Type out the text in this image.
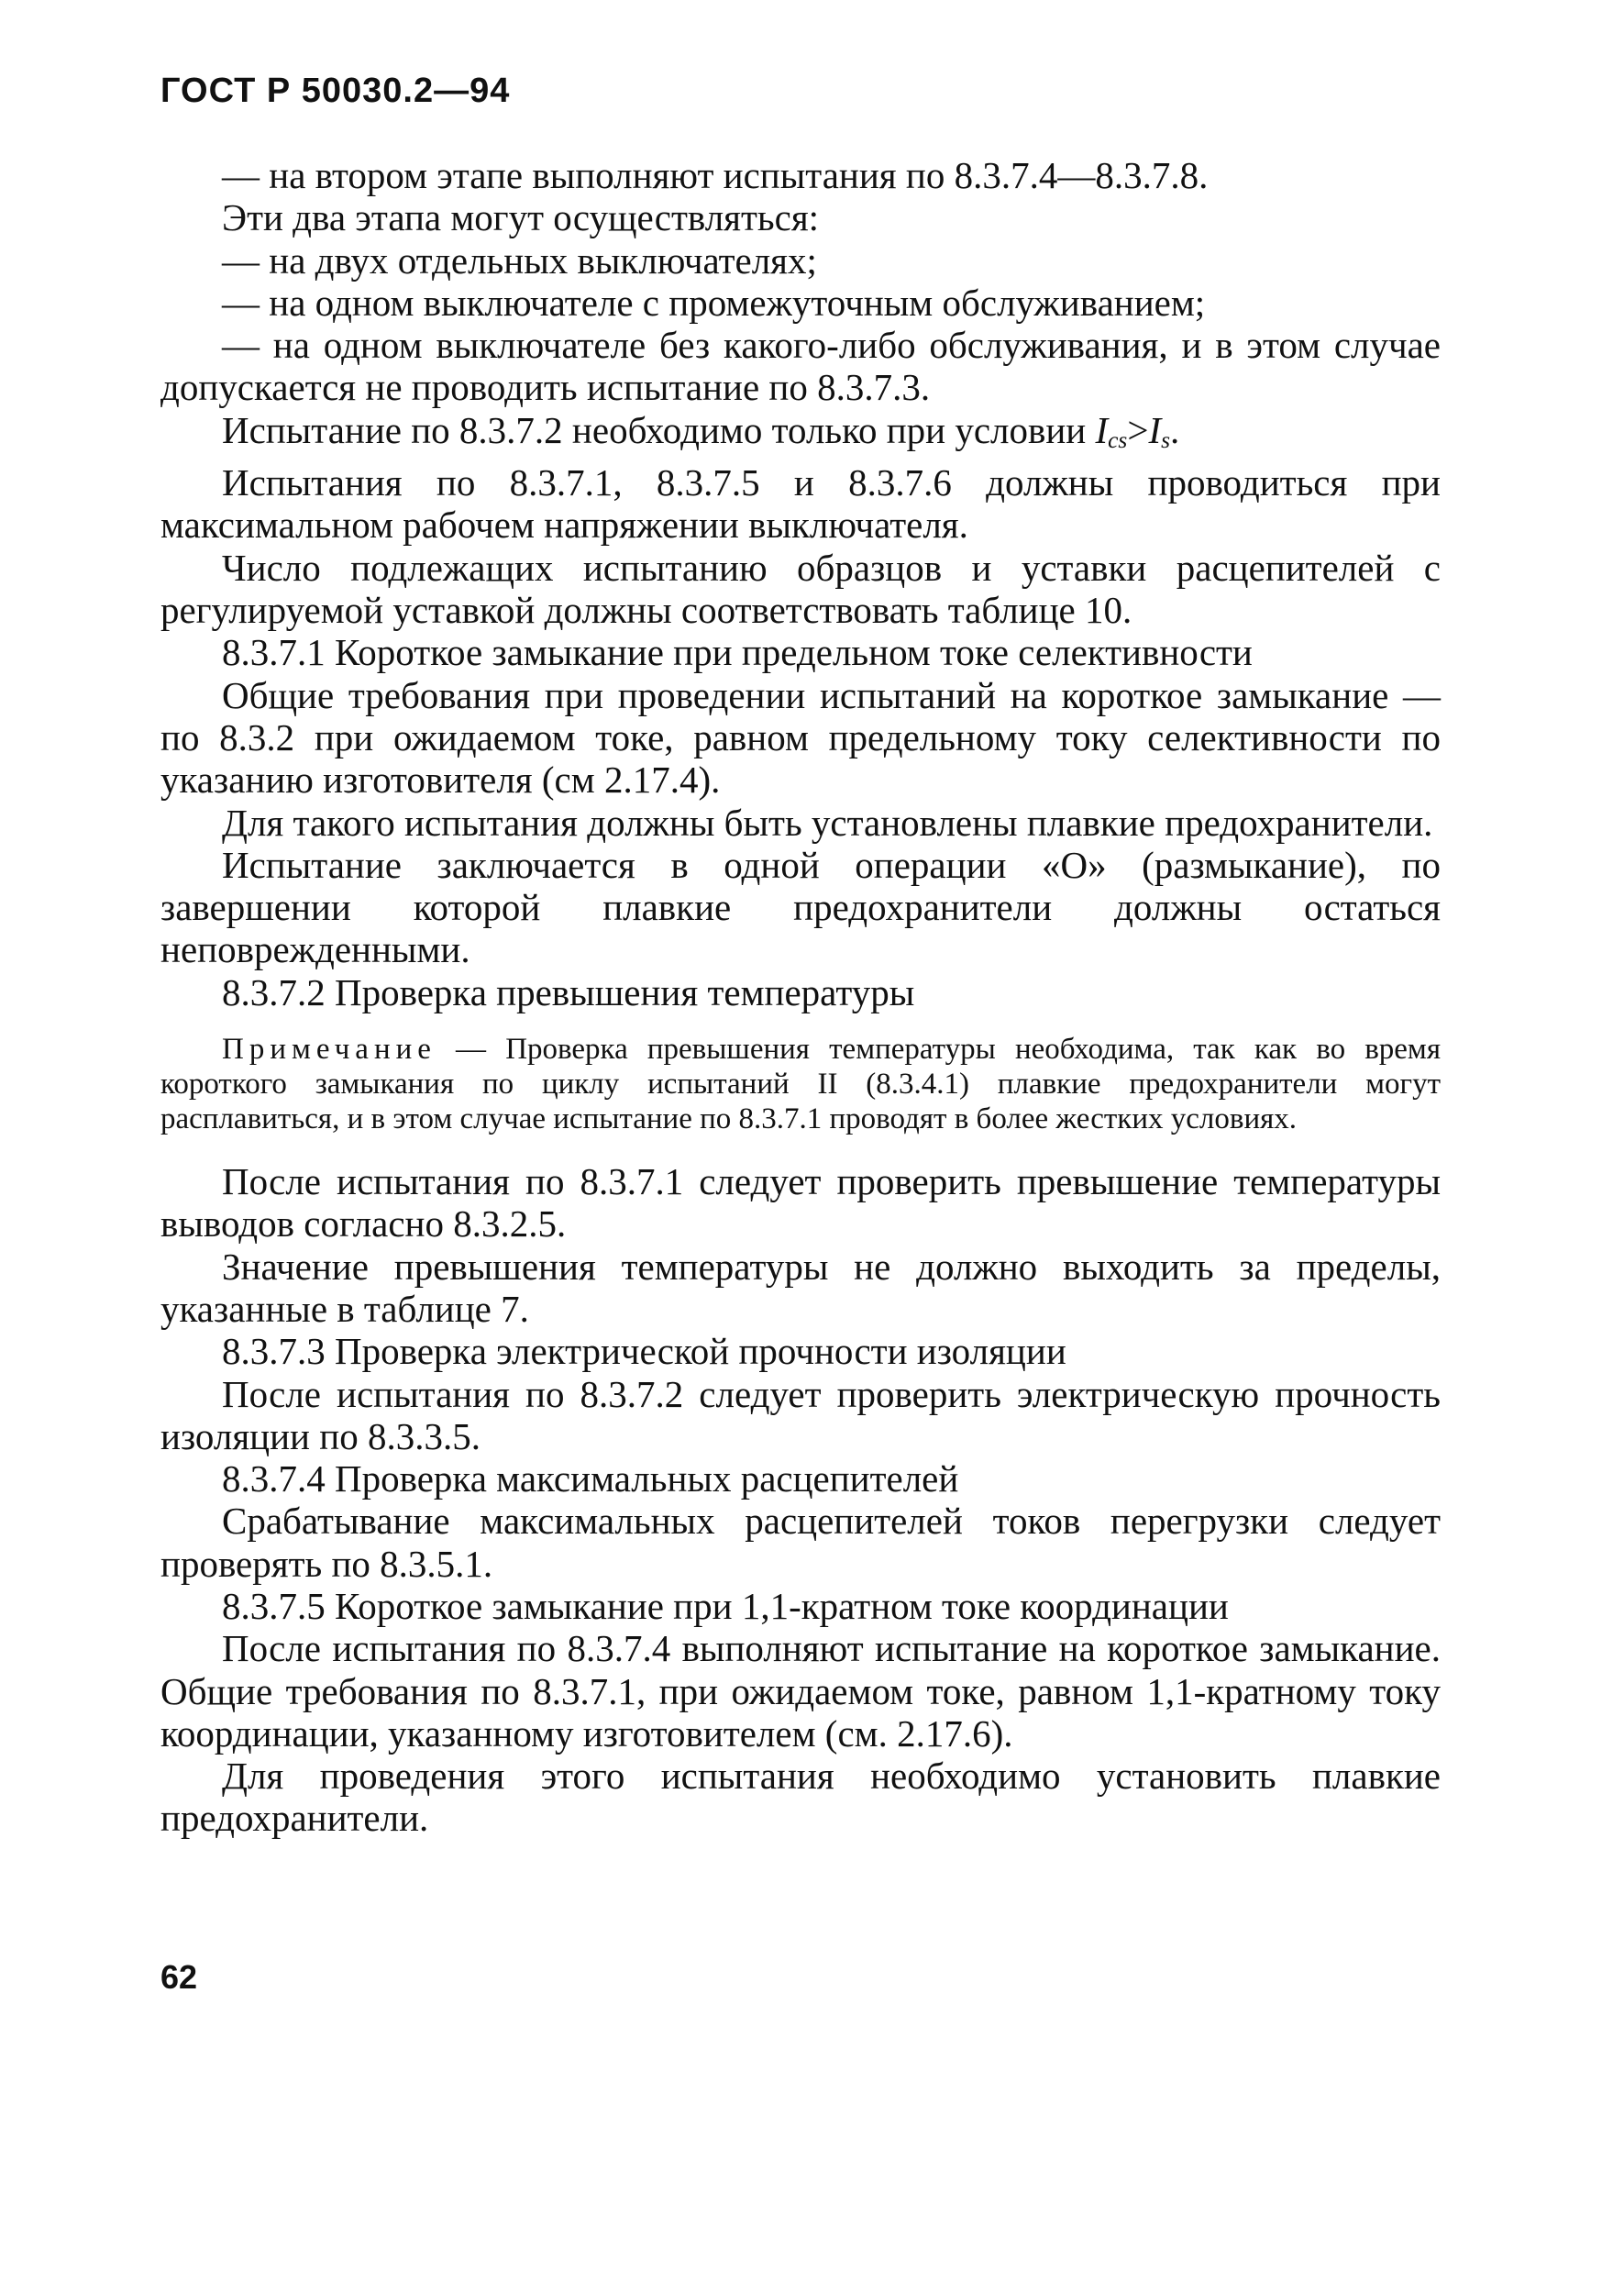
ГОСТ Р 50030.2—94

— на втором этапе выполняют испытания по 8.3.7.4—8.3.7.8.

Эти два этапа могут осуществляться:

— на двух отдельных выключателях;

— на одном выключателе с промежуточным обслуживанием;

— на одном выключателе без какого-либо обслуживания, и в этом случае допускается не проводить испытание по 8.3.7.3.

Испытание по 8.3.7.2 необходимо только при условии Ics>Is.

Испытания по 8.3.7.1, 8.3.7.5 и 8.3.7.6 должны проводиться при максимальном рабочем напряжении выключателя.

Число подлежащих испытанию образцов и уставки расцепителей с регулируемой уставкой должны соответствовать таблице 10.

8.3.7.1 Короткое замыкание при предельном токе селективности

Общие требования при проведении испытаний на короткое замыкание — по 8.3.2 при ожидаемом токе, равном предельному току селективности по указанию изготовителя (см 2.17.4).

Для такого испытания должны быть установлены плавкие предохранители.

Испытание заключается в одной операции «О» (размыкание), по завершении которой плавкие предохранители должны остаться неповрежденными.

8.3.7.2 Проверка превышения температуры

Примечание — Проверка превышения температуры необходима, так как во время короткого замыкания по циклу испытаний II (8.3.4.1) плавкие предохранители могут расплавиться, и в этом случае испытание по 8.3.7.1 проводят в более жестких условиях.

После испытания по 8.3.7.1 следует проверить превышение температуры выводов согласно 8.3.2.5.

Значение превышения температуры не должно выходить за пределы, указанные в таблице 7.

8.3.7.3 Проверка электрической прочности изоляции

После испытания по 8.3.7.2 следует проверить электрическую прочность изоляции по 8.3.3.5.

8.3.7.4 Проверка максимальных расцепителей

Срабатывание максимальных расцепителей токов перегрузки следует проверять по 8.3.5.1.

8.3.7.5 Короткое замыкание при 1,1-кратном токе координации

После испытания по 8.3.7.4 выполняют испытание на короткое замыкание. Общие требования по 8.3.7.1, при ожидаемом токе, равном 1,1-кратному току координации, указанному изготовителем (см. 2.17.6).

Для проведения этого испытания необходимо установить плавкие предохранители.

62
